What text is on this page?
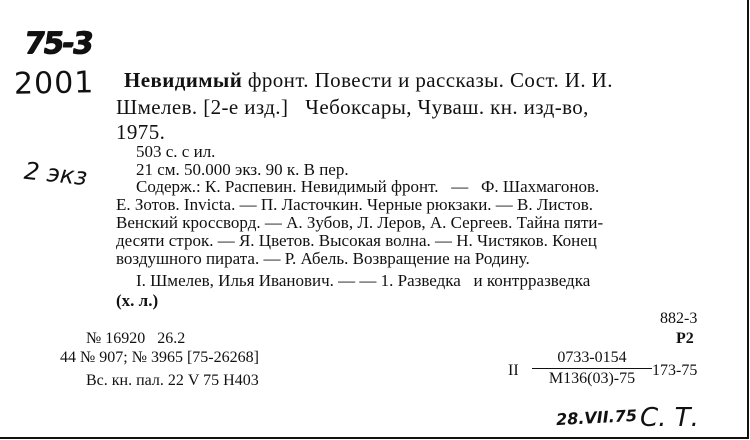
75-3
2001
2 экз
Невидимый фронт. Повести и рассказы. Сост. И. И.
Шмелев. [2-е изд.]   Чебоксары, Чуваш. кн. изд-во,
1975.
503 с. с ил.
21 см. 50.000 экз. 90 к. В пер.
Содерж.: К. Распевин. Невидимый фронт.   —   Ф. Шахмагонов.
Е. Зотов. Invicta. — П. Ласточкин. Черные рюкзаки. — В. Листов.
Венский кроссворд. — А. Зубов, Л. Леров, А. Сергеев. Тайна пяти-
десяти строк. — Я. Цветов. Высокая волна. — Н. Чистяков. Конец
воздушного пирата. — Р. Абель. Возвращение на Родину.
I. Шмелев, Илья Иванович. — — 1. Разведка   и контрразведка
(х. л.)
882-3
Р2
№ 16920   26.2
44 № 907; № 3965 [75-26268]
Вс. кн. пал. 22 V 75 Н403
II $\frac{0733-0154}{M136(03)-75} 173-75$
28.VII.75 С. Т.
